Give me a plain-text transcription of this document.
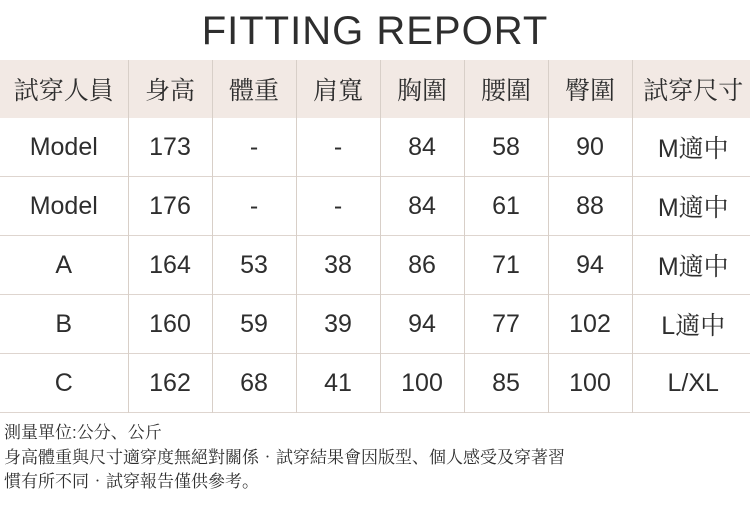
FITTING REPORT
試穿人員	身高	體重	肩寬	胸圍	腰圍	臀圍	試穿尺寸
Model	173	-	-	84	58	90	M適中
Model	176	-	-	84	61	88	M適中
A	164	53	38	86	71	94	M適中
B	160	59	39	94	77	102	L適中
C	162	68	41	100	85	100	L/XL
測量單位:公分、公斤
身高體重與尺寸適穿度無絕對關係‧試穿結果會因版型、個人感受及穿著習
慣有所不同‧試穿報告僅供參考。
